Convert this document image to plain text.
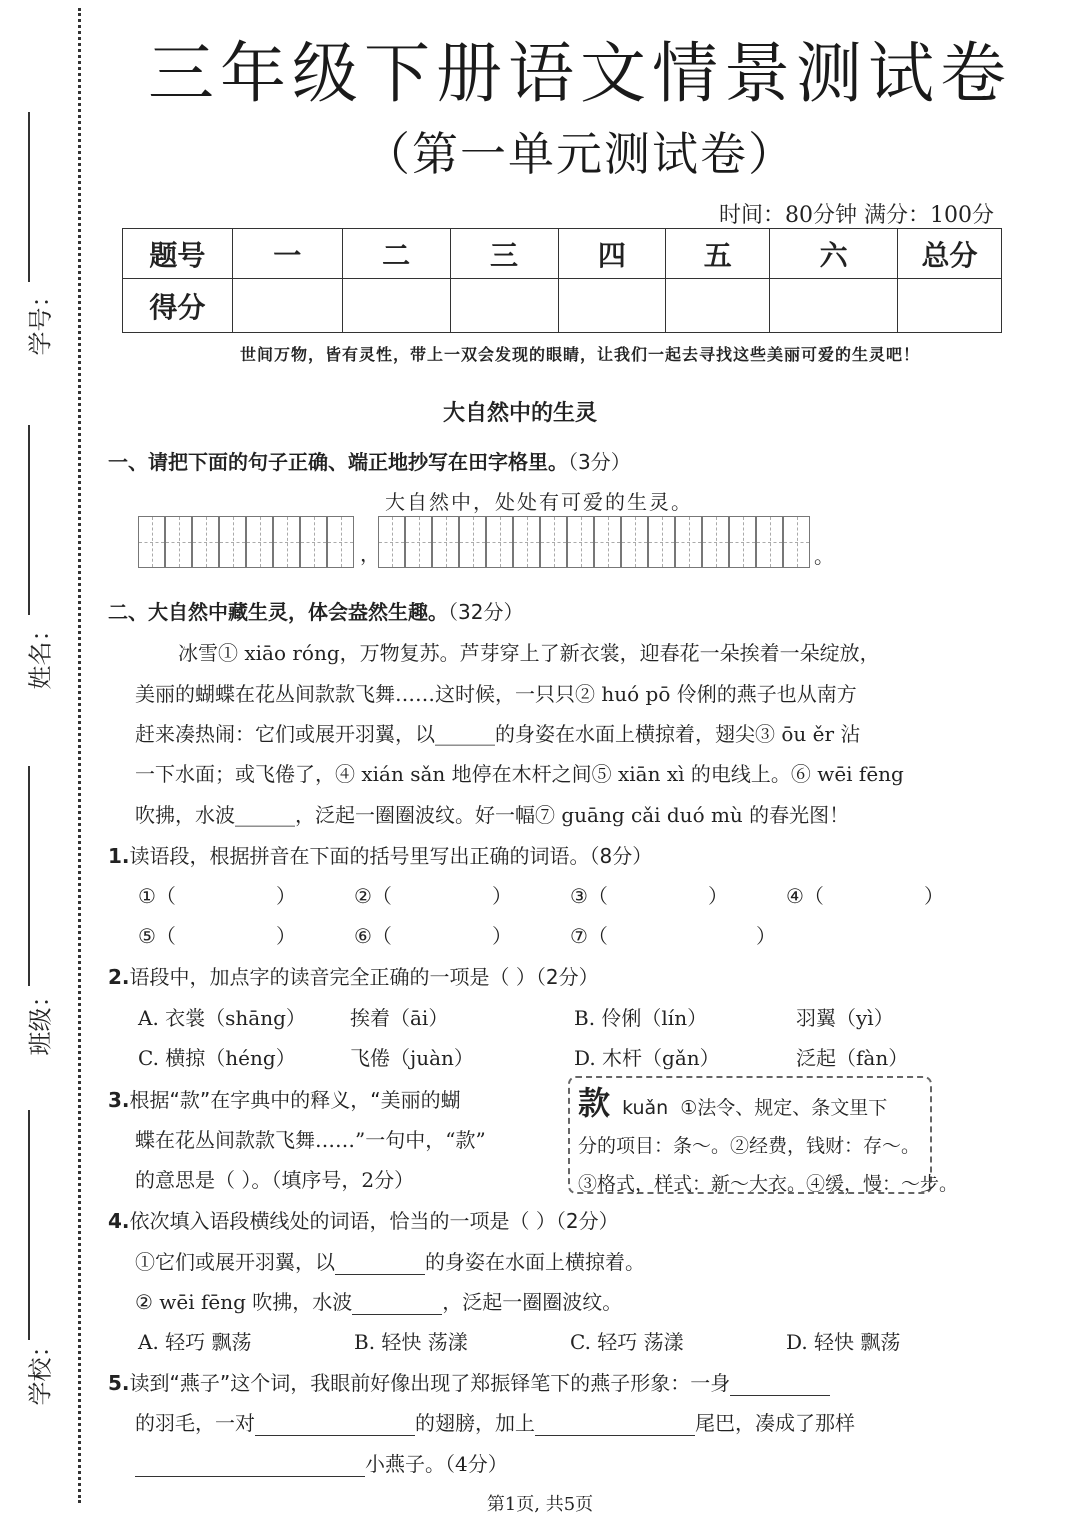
学号：
姓名：
班级：
学校：
三年级下册语文情景测试卷
（第一单元测试卷）
时间：80分钟 满分：100分
题号	一	二	三	四	五	六	总分
得分							
世间万物，皆有灵性，带上一双会发现的眼睛，让我们一起去寻找这些美丽可爱的生灵吧！
大自然中的生灵
一、请把下面的句子正确、端正地抄写在田字格里。（3分）
大自然中，处处有可爱的生灵。
，	。
二、大自然中藏生灵，体会盎然生趣。（32分）
冰雪① xiāo róng，万物复苏。芦芽穿上了新衣裳，迎春花一朵挨着一朵绽放，
美丽的蝴蝶在花丛间款款飞舞……这时候，一只只② huó pō 伶俐的燕子也从南方
赶来凑热闹：它们或展开羽翼，以______的身姿在水面上横掠着，翅尖③ ōu ěr 沾
一下水面；或飞倦了，④ xián sǎn 地停在木杆之间⑤ xiān xì 的电线上。⑥ wēi fēng
吹拂，水波______，泛起一圈圈波纹。好一幅⑦ guāng cǎi duó mù 的春光图！
1.读语段，根据拼音在下面的括号里写出正确的词语。（8分）
①（	）	②（	）	③（	）	④（	）
⑤（	）	⑥（	）	⑦（	）
2.语段中，加点字的读音完全正确的一项是（ ）（2分）
A. 衣裳（shāng） 挨着（āi）	B. 伶俐（lín）	羽翼（yì）
C. 横掠（héng）	飞倦（juàn）	D. 木杆（gǎn）	泛起（fàn）
3.根据“款”在字典中的释义，“美丽的蝴
蝶在花丛间款款飞舞……”一句中，“款”
的意思是（ ）。（填序号，2分）
款 kuǎn ①法令、规定、条文里下
分的项目：条～。②经费，钱财：存～。
③格式，样式：新～大衣。④缓，慢：～步。
4.依次填入语段横线处的词语，恰当的一项是（ ）（2分）
①它们或展开羽翼，以	的身姿在水面上横掠着。
② wēi fēng 吹拂，水波	，泛起一圈圈波纹。
A. 轻巧 飘荡	B. 轻快 荡漾	C. 轻巧 荡漾	D. 轻快 飘荡
5.读到“燕子”这个词，我眼前好像出现了郑振铎笔下的燕子形象：一身
的羽毛，一对	的翅膀，加上	尾巴，凑成了那样
小燕子。（4分）
第1页, 共5页
